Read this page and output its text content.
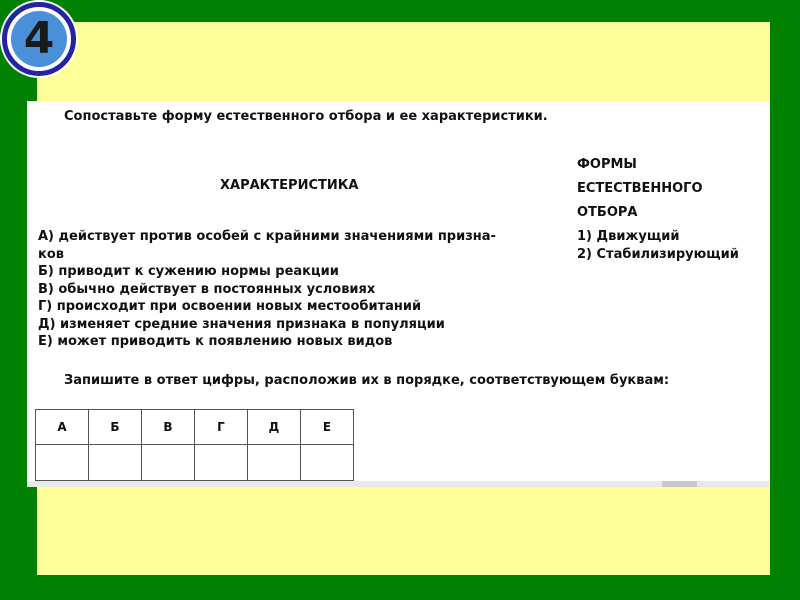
4
Сопоставьте форму естественного отбора и ее характеристики.
ХАРАКТЕРИСТИКА
ФОРМЫ
ЕСТЕСТВЕННОГО
ОТБОРА
А) действует против особей с крайними значениями призна-
ков
Б) приводит к сужению нормы реакции
В) обычно действует в постоянных условиях
Г) происходит при освоении новых местообитаний
Д) изменяет средние значения признака в популяции
Е) может приводить к появлению новых видов
1) Движущий
2) Стабилизирующий
Запишите в ответ цифры, расположив их в порядке, соответствующем буквам:
А	Б	В	Г	Д	Е
